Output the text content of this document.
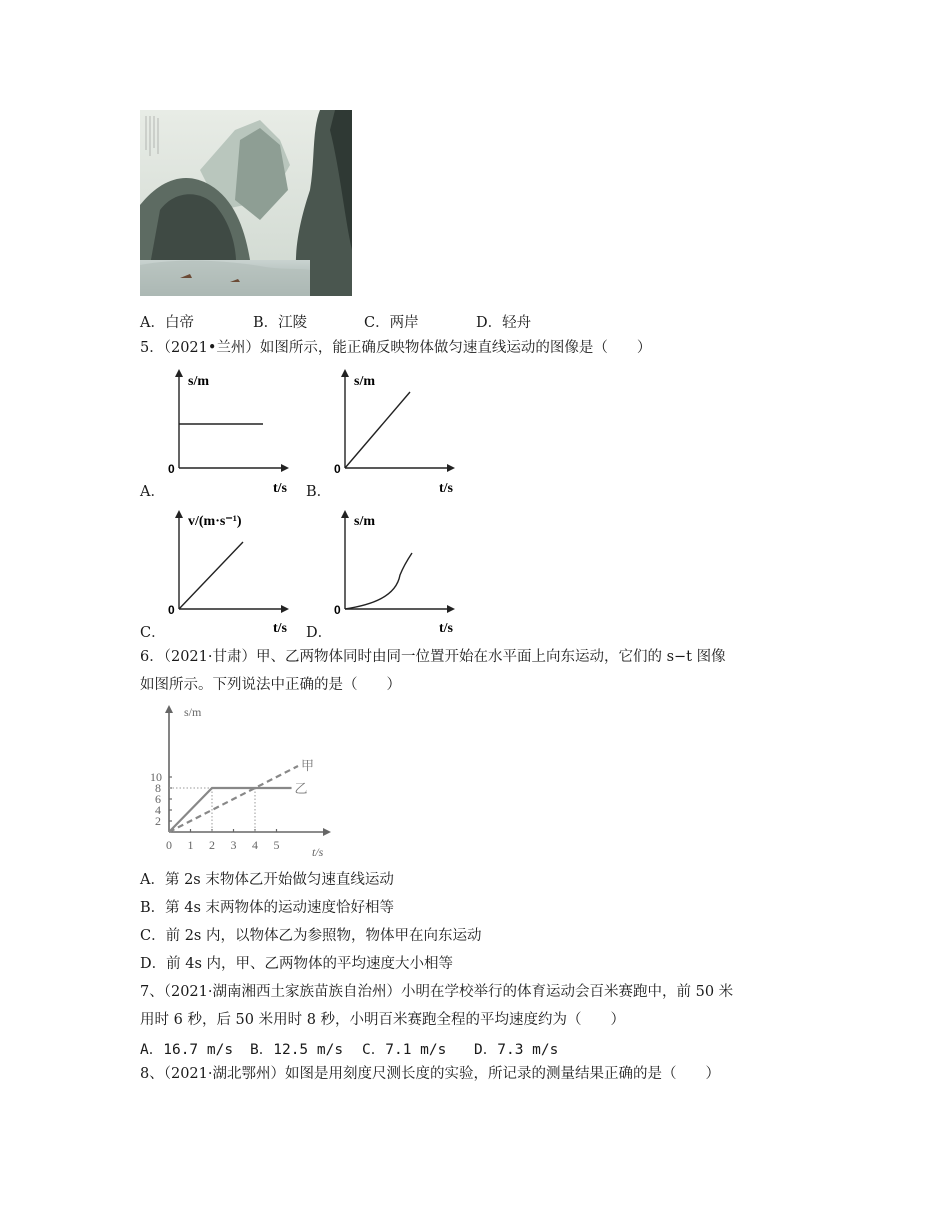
A．白帝	B．江陵	C．两岸	D．轻舟
5．（2021•兰州）如图所示，能正确反映物体做匀速直线运动的图像是（　　）
A．
s/m
t/s
0
B．
s/m
t/s
0
C．
v/(m·s⁻¹)
t/s
0
D．
s/m
t/s
0
6．（2021·甘肃）甲、乙两物体同时由同一位置开始在水平面上向东运动，它们的 s−t 图像
如图所示。下列说法中正确的是（　　）
s/m
t/s
0 1 2 3 4 5
2
4
6
8
10
甲
乙
A．第 2s 末物体乙开始做匀速直线运动
B．第 4s 末两物体的运动速度恰好相等
C．前 2s 内，以物体乙为参照物，物体甲在向东运动
D．前 4s 内，甲、乙两物体的平均速度大小相等
7、（2021·湖南湘西土家族苗族自治州）小明在学校举行的体育运动会百米赛跑中，前 50 米
用时 6 秒，后 50 米用时 8 秒，小明百米赛跑全程的平均速度约为（　　）
A．16.7 m/s B．12.5 m/s C．7.1 m/s D．7.3 m/s
8、（2021·湖北鄂州）如图是用刻度尺测长度的实验，所记录的测量结果正确的是（　　）
